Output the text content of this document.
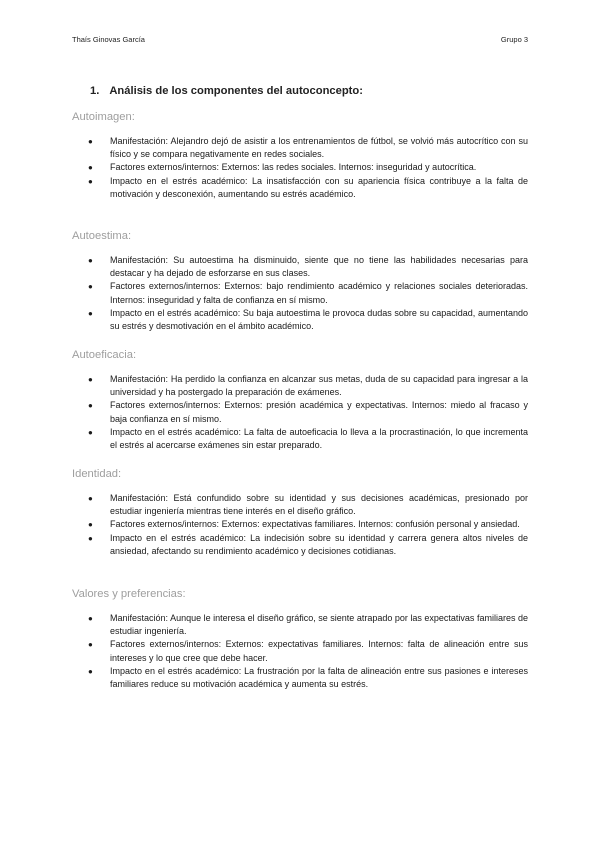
Thaís Ginovas García	Grupo 3
1. Análisis de los componentes del autoconcepto:

Autoimagen:

● Manifestación: Alejandro dejó de asistir a los entrenamientos de fútbol, se volvió más autocrítico con su físico y se compara negativamente en redes sociales.
● Factores externos/internos: Externos: las redes sociales. Internos: inseguridad y autocrítica.
● Impacto en el estrés académico: La insatisfacción con su apariencia física contribuye a la falta de motivación y desconexión, aumentando su estrés académico.

Autoestima:

● Manifestación: Su autoestima ha disminuido, siente que no tiene las habilidades necesarias para destacar y ha dejado de esforzarse en sus clases.
● Factores externos/internos: Externos: bajo rendimiento académico y relaciones sociales deterioradas. Internos: inseguridad y falta de confianza en sí mismo.
● Impacto en el estrés académico: Su baja autoestima le provoca dudas sobre su capacidad, aumentando su estrés y desmotivación en el ámbito académico.

Autoeficacia:

● Manifestación: Ha perdido la confianza en alcanzar sus metas, duda de su capacidad para ingresar a la universidad y ha postergado la preparación de exámenes.
● Factores externos/internos: Externos: presión académica y expectativas. Internos: miedo al fracaso y baja confianza en sí mismo.
● Impacto en el estrés académico: La falta de autoeficacia lo lleva a la procrastinación, lo que incrementa el estrés al acercarse exámenes sin estar preparado.

Identidad:

● Manifestación: Está confundido sobre su identidad y sus decisiones académicas, presionado por estudiar ingeniería mientras tiene interés en el diseño gráfico.
● Factores externos/internos: Externos: expectativas familiares. Internos: confusión personal y ansiedad.
● Impacto en el estrés académico: La indecisión sobre su identidad y carrera genera altos niveles de ansiedad, afectando su rendimiento académico y decisiones cotidianas.

Valores y preferencias:

● Manifestación: Aunque le interesa el diseño gráfico, se siente atrapado por las expectativas familiares de estudiar ingeniería.
● Factores externos/internos: Externos: expectativas familiares. Internos: falta de alineación entre sus intereses y lo que cree que debe hacer.
● Impacto en el estrés académico: La frustración por la falta de alineación entre sus pasiones e intereses familiares reduce su motivación académica y aumenta su estrés.
